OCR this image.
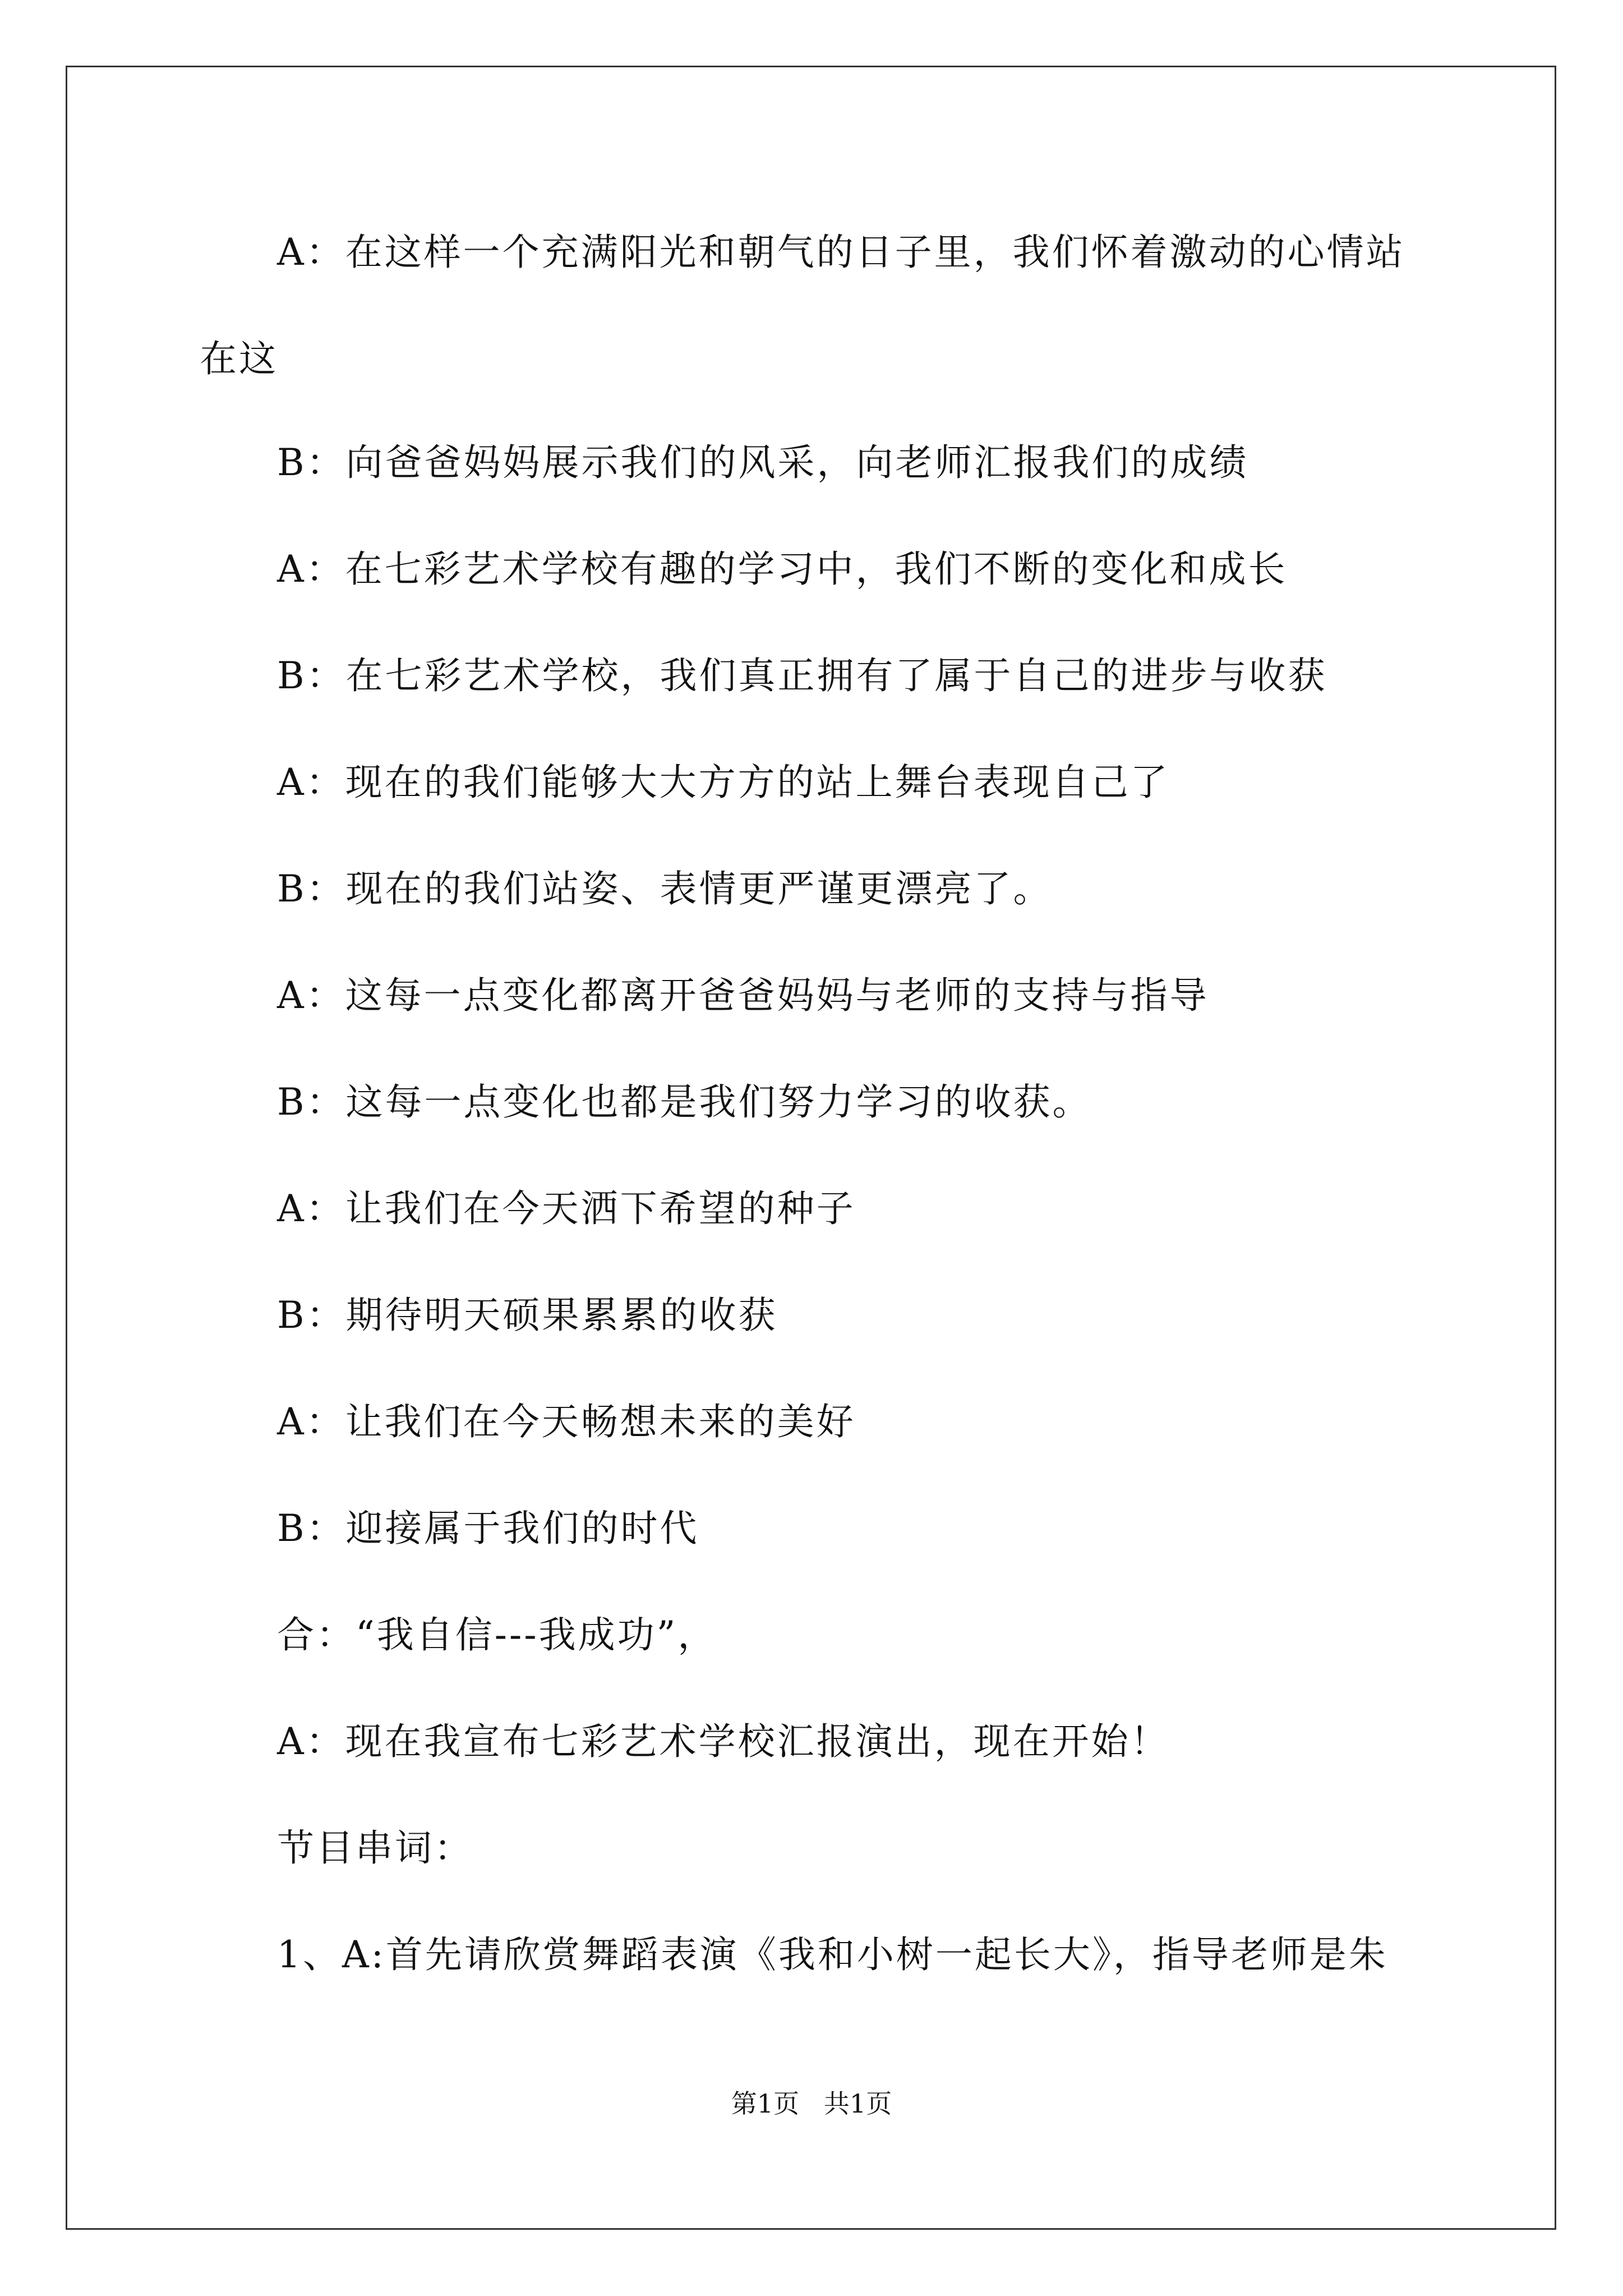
A：在这样一个充满阳光和朝气的日子里，我们怀着激动的心情站
在这
B：向爸爸妈妈展示我们的风采，向老师汇报我们的成绩
A：在七彩艺术学校有趣的学习中，我们不断的变化和成长
B：在七彩艺术学校，我们真正拥有了属于自己的进步与收获
A：现在的我们能够大大方方的站上舞台表现自己了
B：现在的我们站姿、表情更严谨更漂亮了。
A：这每一点变化都离开爸爸妈妈与老师的支持与指导
B：这每一点变化也都是我们努力学习的收获。
A：让我们在今天洒下希望的种子
B：期待明天硕果累累的收获
A：让我们在今天畅想未来的美好
B：迎接属于我们的时代
合：“我自信---我成功”，
A：现在我宣布七彩艺术学校汇报演出，现在开始！
节目串词：
1、A:首先请欣赏舞蹈表演《我和小树一起长大》，指导老师是朱
第1页   共1页
